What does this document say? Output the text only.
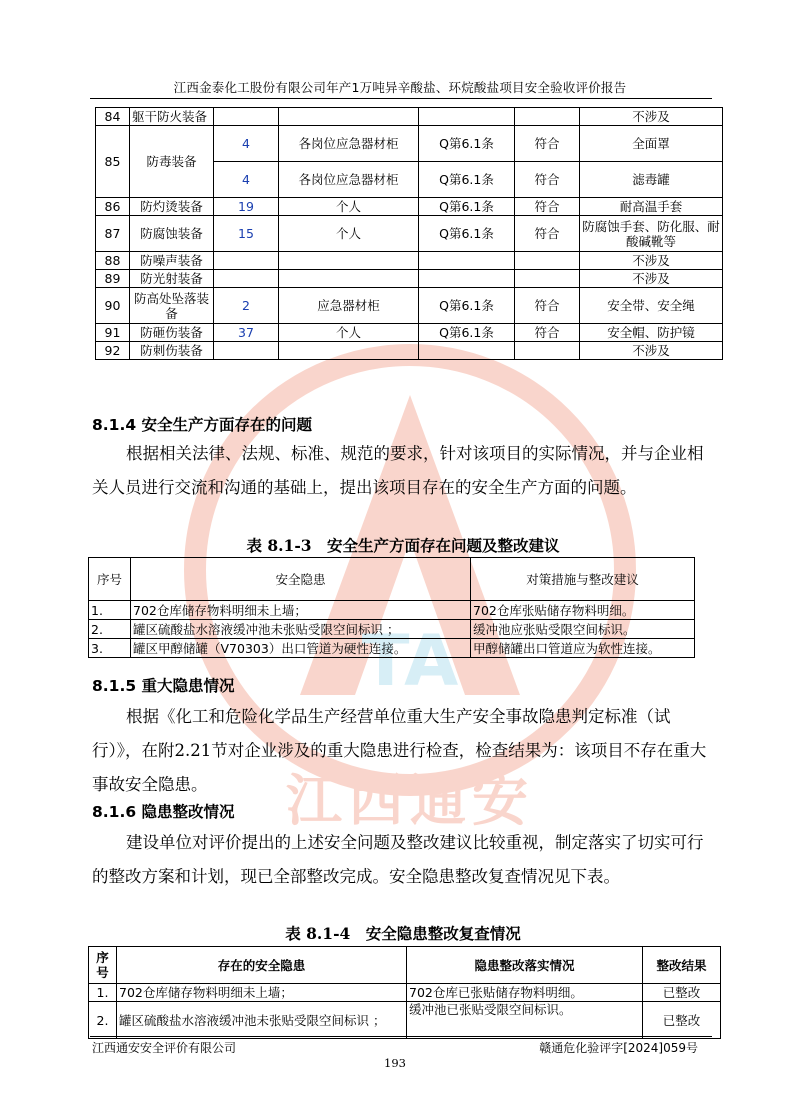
TA
江西通安
江西金泰化工股份有限公司年产1万吨异辛酸盐、环烷酸盐项目安全验收评价报告
84	躯干防火装备					不涉及
85	防毒装备	4	各岗位应急器材柜	Q第6.1条	符合	全面罩
		4	各岗位应急器材柜	Q第6.1条	符合	滤毒罐
86	防灼烫装备	19	个人	Q第6.1条	符合	耐高温手套
87	防腐蚀装备	15	个人	Q第6.1条	符合	防腐蚀手套、防化服、耐酸碱靴等
88	防噪声装备					不涉及
89	防光射装备					不涉及
90	防高处坠落装备	2	应急器材柜	Q第6.1条	符合	安全带、安全绳
91	防砸伤装备	37	个人	Q第6.1条	符合	安全帽、防护镜
92	防刺伤装备					不涉及
8.1.4 安全生产方面存在的问题

根据相关法律、法规、标准、规范的要求，针对该项目的实际情况，并与企业相关人员进行交流和沟通的基础上，提出该项目存在的安全生产方面的问题。

表 8.1-3　安全生产方面存在问题及整改建议
序号	安全隐患	对策措施与整改建议
1.	702仓库储存物料明细未上墙；	702仓库张贴储存物料明细。
2.	罐区硫酸盐水溶液缓冲池未张贴受限空间标识 ；	缓冲池应张贴受限空间标识。
3.	罐区甲醇储罐（V70303）出口管道为硬性连接。	甲醇储罐出口管道应为软性连接。
8.1.5 重大隐患情况

根据《化工和危险化学品生产经营单位重大生产安全事故隐患判定标准（试行）》，在附2.21节对企业涉及的重大隐患进行检查，检查结果为：该项目不存在重大事故安全隐患。

8.1.6 隐患整改情况

建设单位对评价提出的上述安全问题及整改建议比较重视，制定落实了切实可行的整改方案和计划，现已全部整改完成。安全隐患整改复查情况见下表。

表 8.1-4　安全隐患整改复查情况
序号	存在的安全隐患	隐患整改落实情况	整改结果
1.	702仓库储存物料明细未上墙；	702仓库已张贴储存物料明细。	已整改
2.	罐区硫酸盐水溶液缓冲池未张贴受限空间标识 ；	缓冲池已张贴受限空间标识。	已整改
江西通安安全评价有限公司	赣通危化验评字[2024]059号
193
